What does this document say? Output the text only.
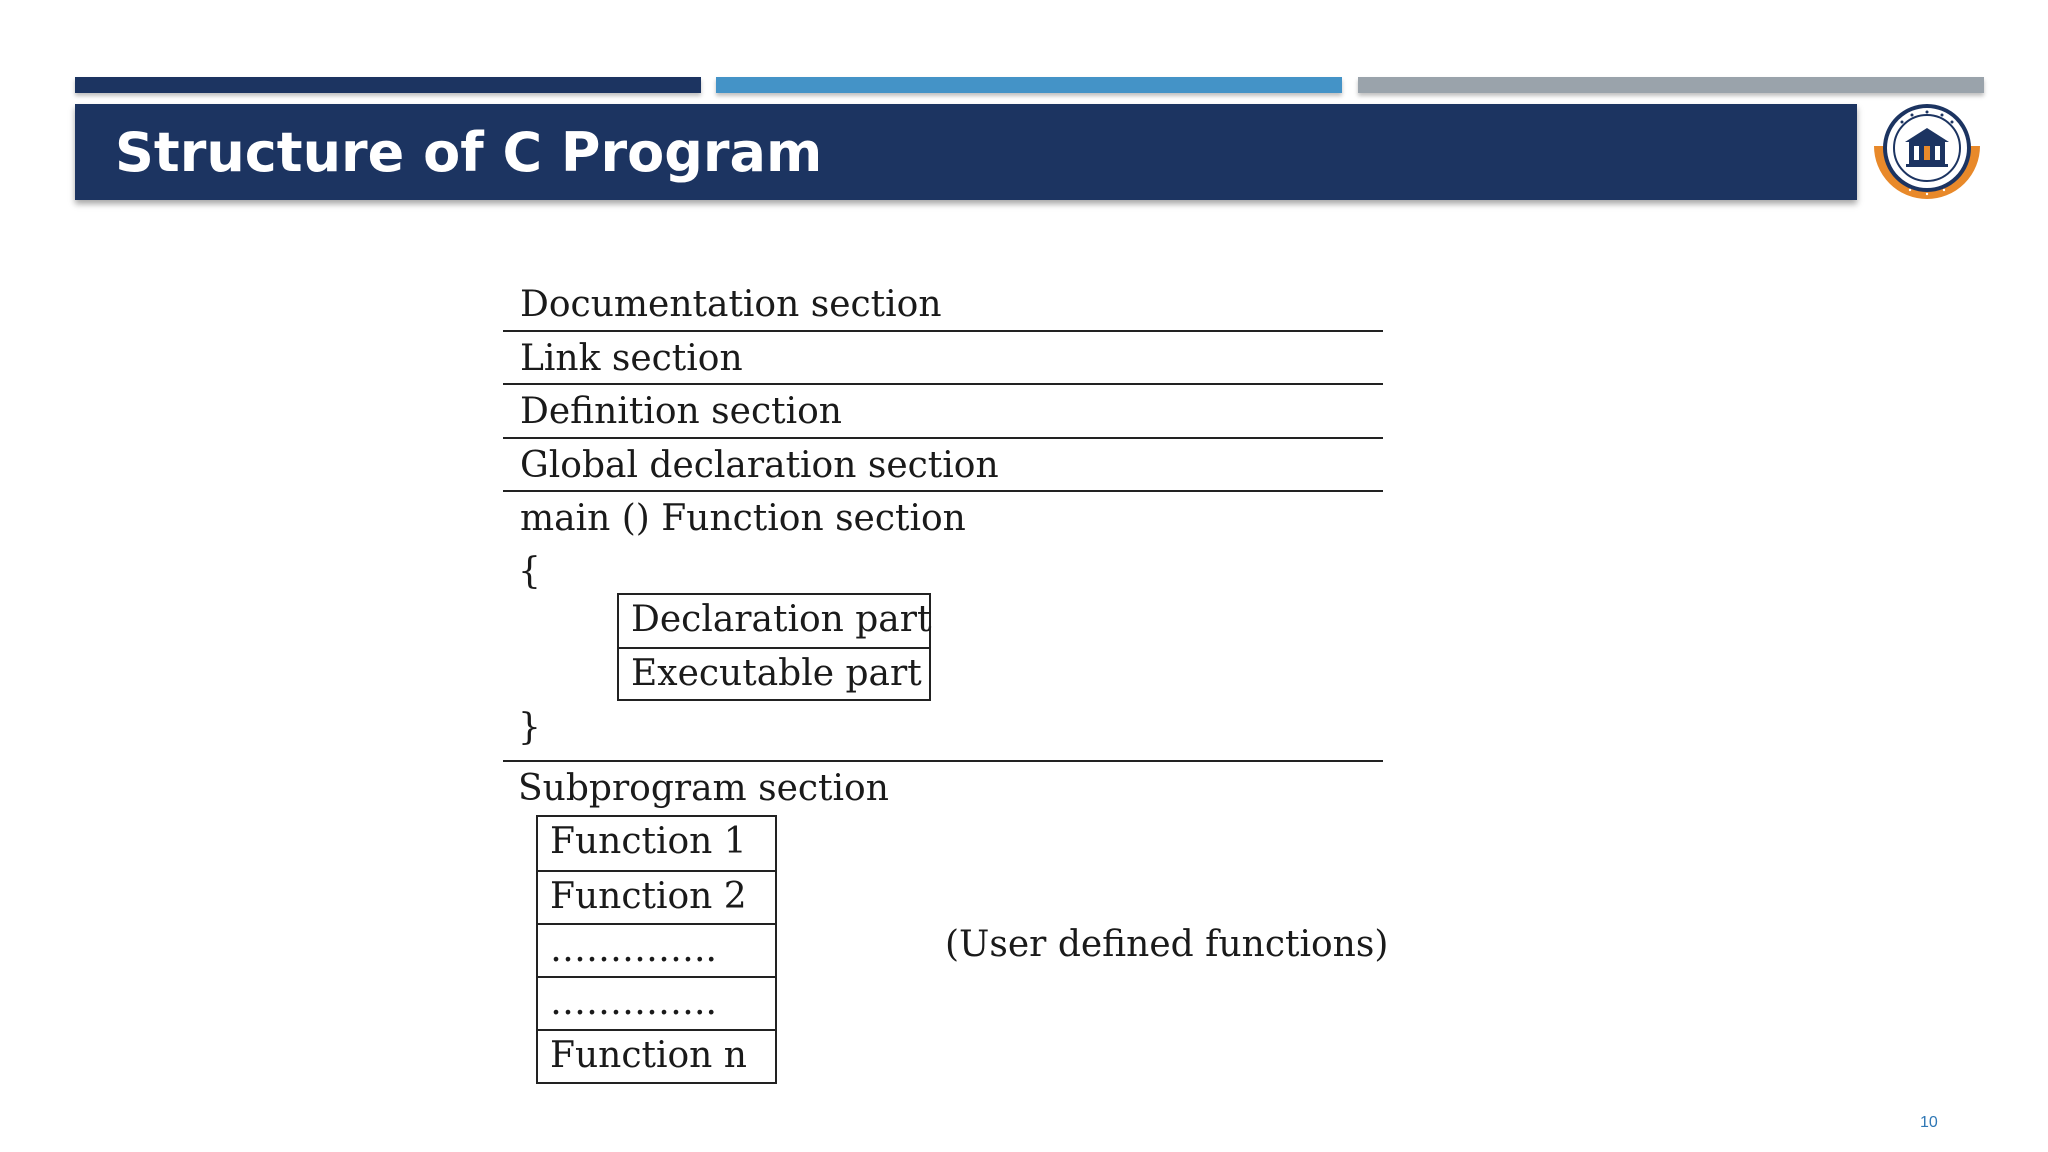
Structure of C Program
Documentation section
Link section
Definition section
Global declaration section
main () Function section
{
Declaration part
Executable part
}
Subprogram section
Function 1
Function 2
…………..
…………..
Function n
(User defined functions)
10
